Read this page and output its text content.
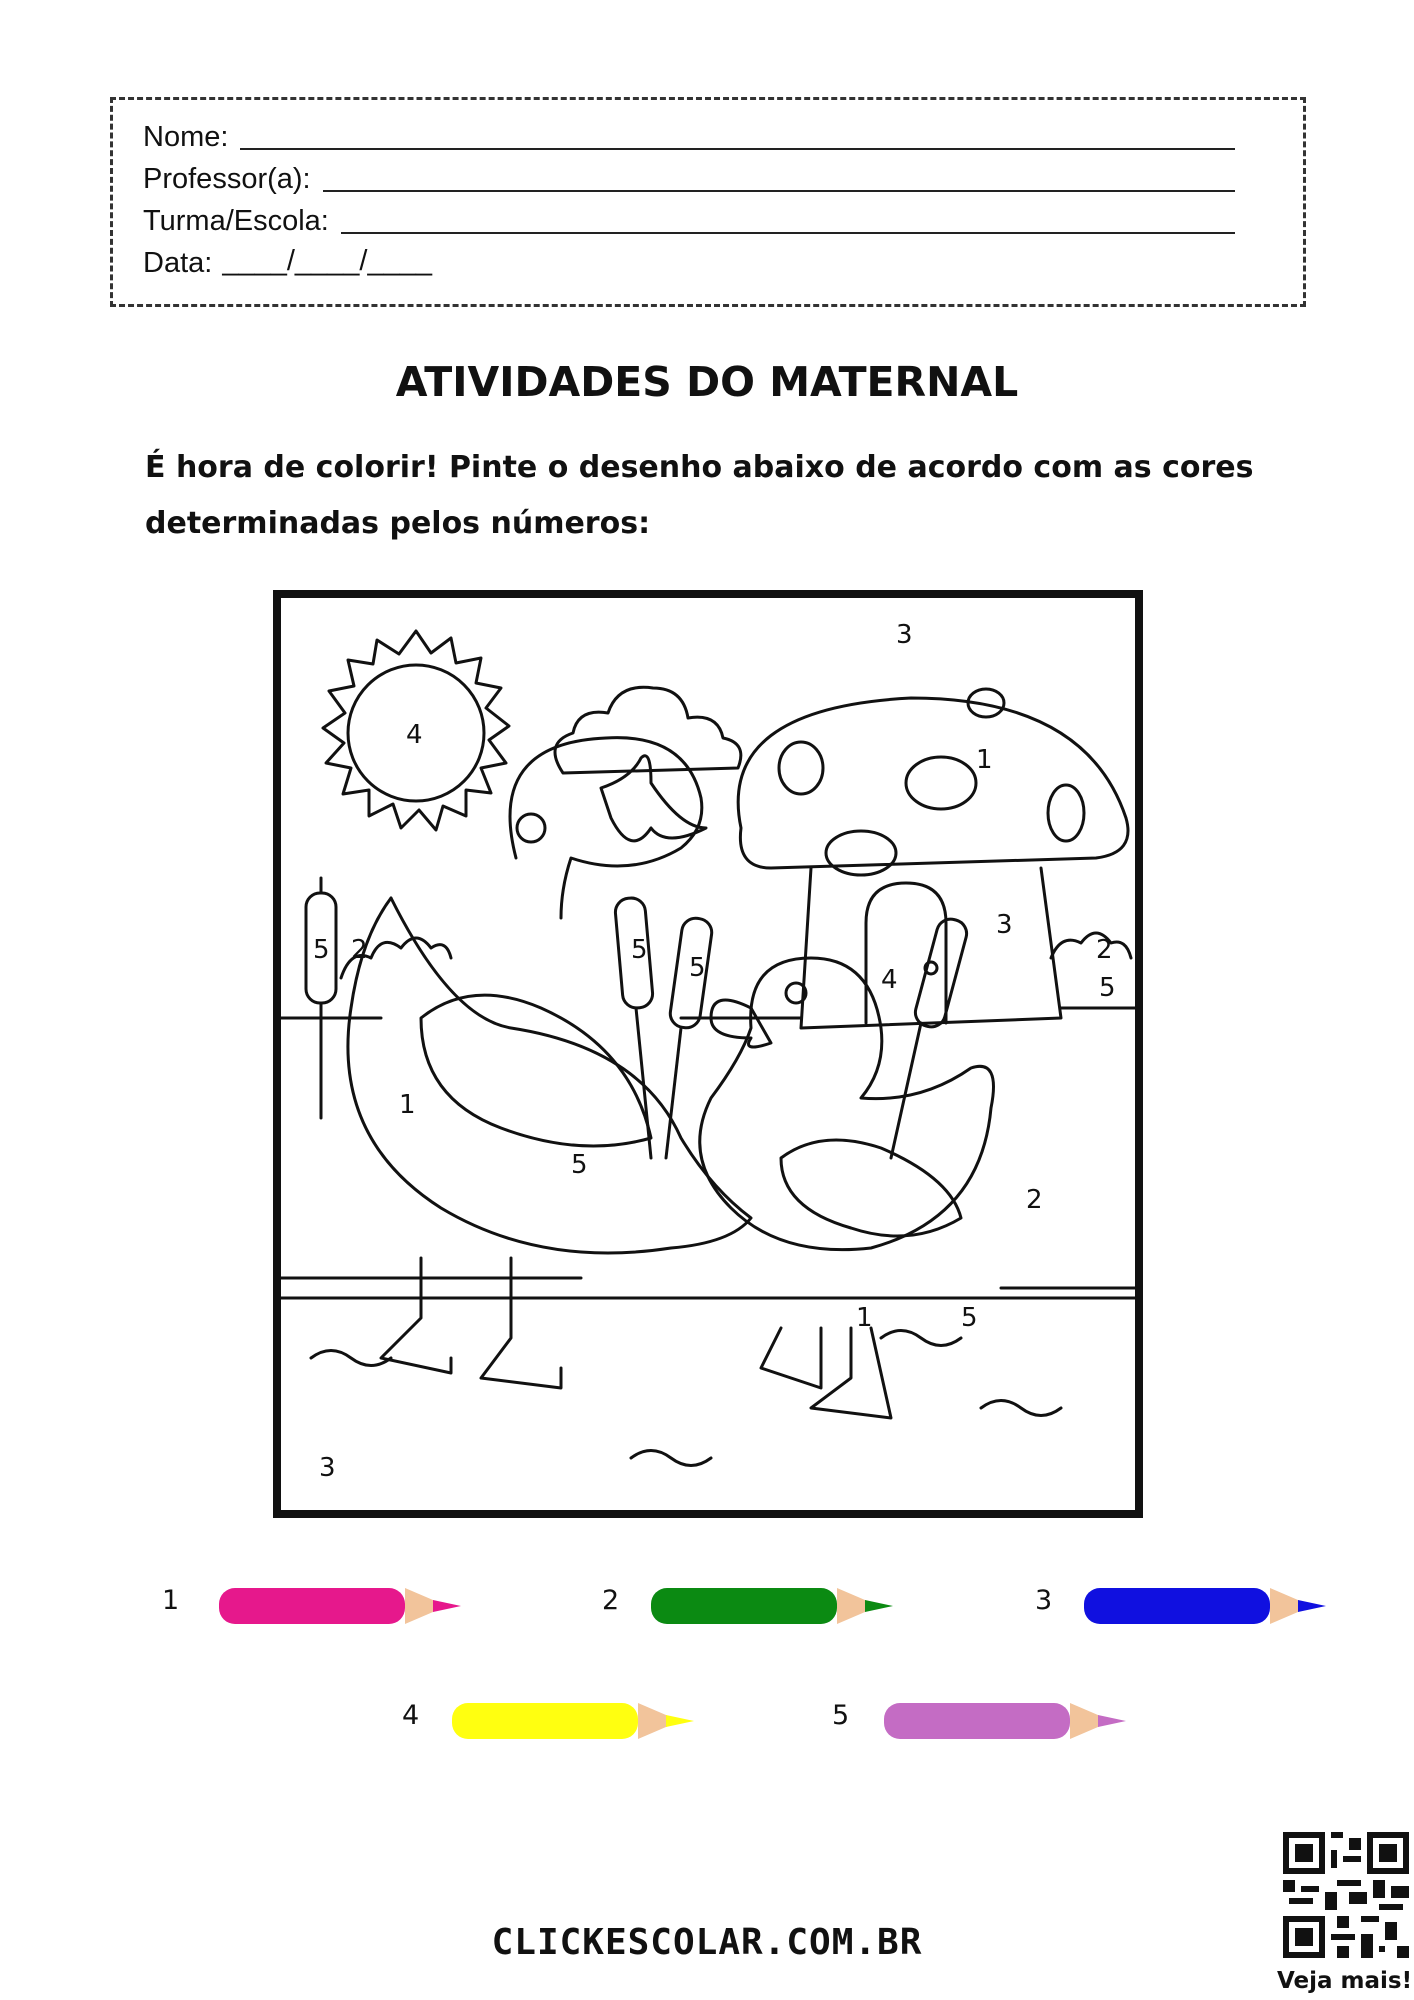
Nome:
Professor(a):
Turma/Escola:
Data: ____/____/____
ATIVIDADES DO MATERNAL
É hora de colorir! Pinte o desenho abaixo de acordo com as cores determinadas pelos números:
3
4
1
5 2
3
4
5	2
5
5
1
5
2
1	5
3
1	2	3
4	5
CLICKESCOLAR.COM.BR
Veja mais!
